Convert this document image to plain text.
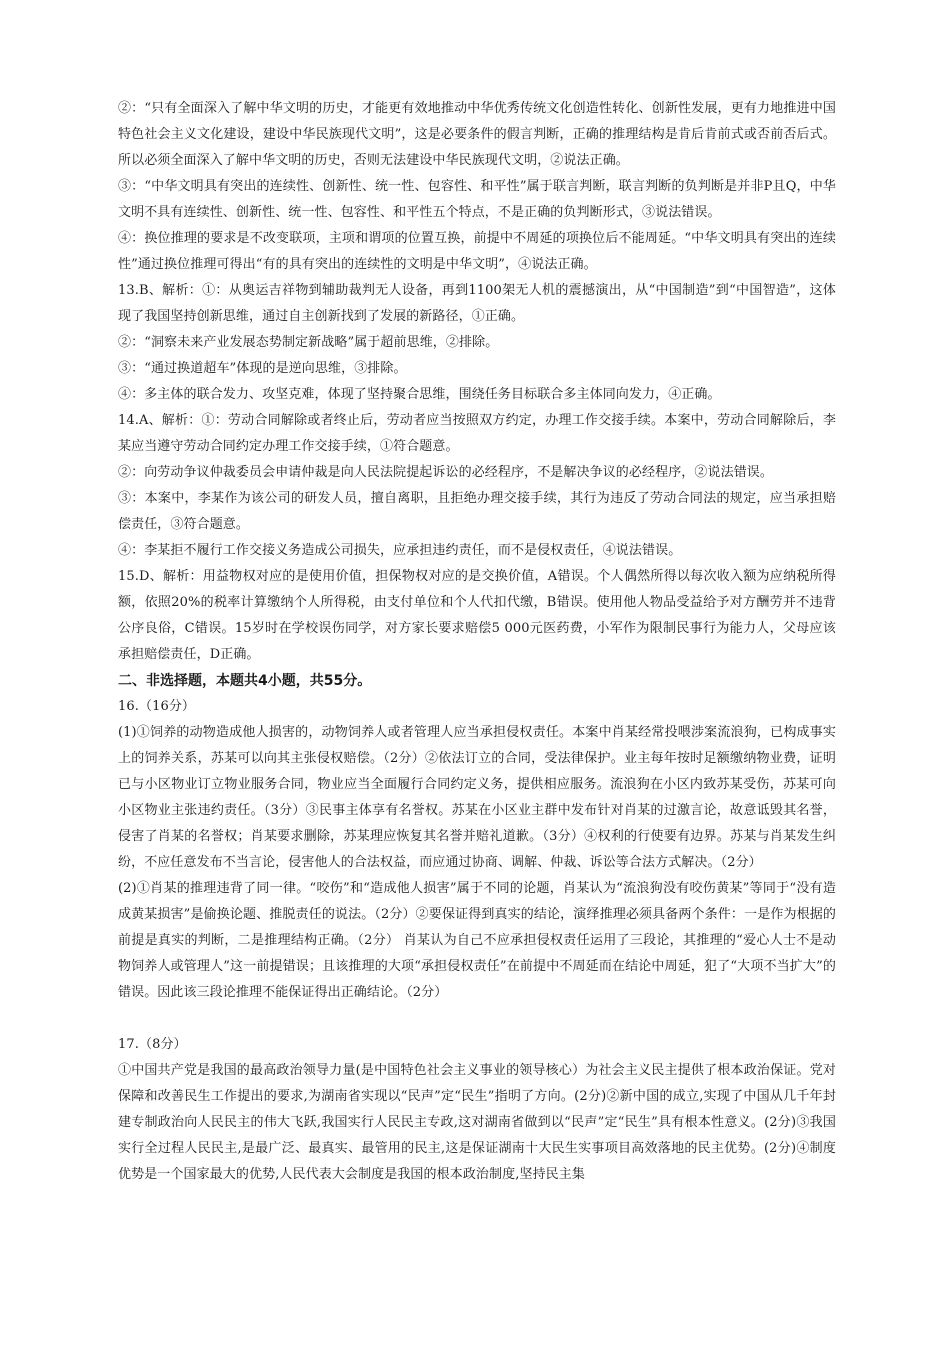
②：“只有全面深入了解中华文明的历史，才能更有效地推动中华优秀传统文化创造性转化、创新性发展，更有力地推进中国特色社会主义文化建设，建设中华民族现代文明”，这是必要条件的假言判断，正确的推理结构是肯后肯前式或否前否后式。所以必须全面深入了解中华文明的历史，否则无法建设中华民族现代文明，②说法正确。

③：“中华文明具有突出的连续性、创新性、统一性、包容性、和平性”属于联言判断，联言判断的负判断是并非P且Q，中华文明不具有连续性、创新性、统一性、包容性、和平性五个特点，不是正确的负判断形式，③说法错误。

④：换位推理的要求是不改变联项，主项和谓项的位置互换，前提中不周延的项换位后不能周延。“中华文明具有突出的连续性”通过换位推理可得出“有的具有突出的连续性的文明是中华文明”，④说法正确。

13.B、解析：①：从奥运吉祥物到辅助裁判无人设备，再到1100架无人机的震撼演出，从“中国制造”到“中国智造”，这体现了我国坚持创新思维，通过自主创新找到了发展的新路径，①正确。

②：“洞察未来产业发展态势制定新战略”属于超前思维，②排除。

③：“通过换道超车”体现的是逆向思维，③排除。

④：多主体的联合发力、攻坚克难，体现了坚持聚合思维，围绕任务目标联合多主体同向发力，④正确。

14.A、解析：①：劳动合同解除或者终止后，劳动者应当按照双方约定，办理工作交接手续。本案中，劳动合同解除后，李某应当遵守劳动合同约定办理工作交接手续，①符合题意。

②：向劳动争议仲裁委员会申请仲裁是向人民法院提起诉讼的必经程序，不是解决争议的必经程序，②说法错误。

③：本案中，李某作为该公司的研发人员，擅自离职，且拒绝办理交接手续，其行为违反了劳动合同法的规定，应当承担赔偿责任，③符合题意。

④：李某拒不履行工作交接义务造成公司损失，应承担违约责任，而不是侵权责任，④说法错误。

15.D、解析：用益物权对应的是使用价值，担保物权对应的是交换价值，A错误。个人偶然所得以每次收入额为应纳税所得额，依照20%的税率计算缴纳个人所得税，由支付单位和个人代扣代缴，B错误。使用他人物品受益给予对方酬劳并不违背公序良俗，C错误。15岁时在学校误伤同学，对方家长要求赔偿5 000元医药费，小军作为限制民事行为能力人，父母应该承担赔偿责任，D正确。

二、非选择题，本题共4小题，共55分。

16.（16分）

(1)①饲养的动物造成他人损害的，动物饲养人或者管理人应当承担侵权责任。本案中肖某经常投喂涉案流浪狗，已构成事实上的饲养关系，苏某可以向其主张侵权赔偿。（2分）②依法订立的合同，受法律保护。业主每年按时足额缴纳物业费，证明已与小区物业订立物业服务合同，物业应当全面履行合同约定义务，提供相应服务。流浪狗在小区内致苏某受伤，苏某可向小区物业主张违约责任。（3分）③民事主体享有名誉权。苏某在小区业主群中发布针对肖某的过激言论，故意诋毁其名誉，侵害了肖某的名誉权；肖某要求删除，苏某理应恢复其名誉并赔礼道歉。（3分）④权利的行使要有边界。苏某与肖某发生纠纷，不应任意发布不当言论，侵害他人的合法权益，而应通过协商、调解、仲裁、诉讼等合法方式解决。（2分）

(2)①肖某的推理违背了同一律。“咬伤”和“造成他人损害”属于不同的论题，肖某认为“流浪狗没有咬伤黄某”等同于“没有造成黄某损害”是偷换论题、推脱责任的说法。（2分）②要保证得到真实的结论，演绎推理必须具备两个条件：一是作为根据的前提是真实的判断，二是推理结构正确。（2分） 肖某认为自己不应承担侵权责任运用了三段论，其推理的“爱心人士不是动物饲养人或管理人”这一前提错误；且该推理的大项“承担侵权责任”在前提中不周延而在结论中周延，犯了“大项不当扩大”的错误。因此该三段论推理不能保证得出正确结论。（2分）

17.（8分）

①中国共产党是我国的最高政治领导力量(是中国特色社会主义事业的领导核心）为社会主义民主提供了根本政治保证。党对保障和改善民生工作提出的要求,为湖南省实现以“民声”定“民生”指明了方向。(2分)②新中国的成立,实现了中国从几千年封建专制政治向人民民主的伟大飞跃,我国实行人民民主专政,这对湖南省做到以“民声”定“民生”具有根本性意义。(2分)③我国实行全过程人民民主,是最广泛、最真实、最管用的民主,这是保证湖南十大民生实事项目高效落地的民主优势。(2分)④制度优势是一个国家最大的优势,人民代表大会制度是我国的根本政治制度,坚持民主集
